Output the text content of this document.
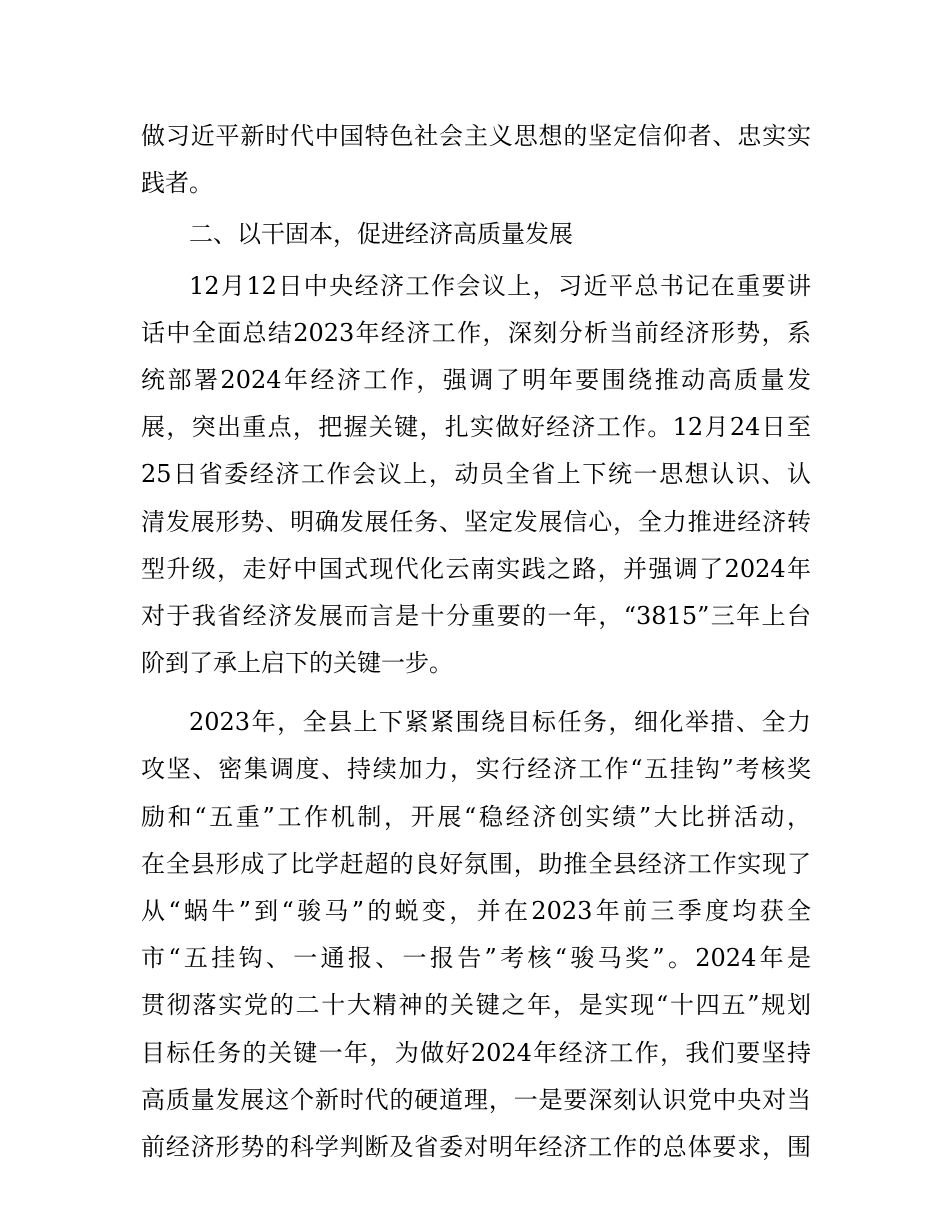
做习近平新时代中国特色社会主义思想的坚定信仰者、忠实实
践者。
二、以干固本，促进经济高质量发展
12月12日中央经济工作会议上，习近平总书记在重要讲
话中全面总结2023年经济工作，深刻分析当前经济形势，系
统部署2024年经济工作，强调了明年要围绕推动高质量发
展，突出重点，把握关键，扎实做好经济工作。12月24日至
25日省委经济工作会议上，动员全省上下统一思想认识、认
清发展形势、明确发展任务、坚定发展信心，全力推进经济转
型升级，走好中国式现代化云南实践之路，并强调了2024年
对于我省经济发展而言是十分重要的一年，“3815”三年上台
阶到了承上启下的关键一步。
2023年，全县上下紧紧围绕目标任务，细化举措、全力
攻坚、密集调度、持续加力，实行经济工作“五挂钩”考核奖
励和“五重”工作机制，开展“稳经济创实绩”大比拼活动，
在全县形成了比学赶超的良好氛围，助推全县经济工作实现了
从“蜗牛”到“骏马”的蜕变，并在2023年前三季度均获全
市“五挂钩、一通报、一报告”考核“骏马奖”。2024年是
贯彻落实党的二十大精神的关键之年，是实现“十四五”规划
目标任务的关键一年，为做好2024年经济工作，我们要坚持
高质量发展这个新时代的硬道理，一是要深刻认识党中央对当
前经济形势的科学判断及省委对明年经济工作的总体要求，围
